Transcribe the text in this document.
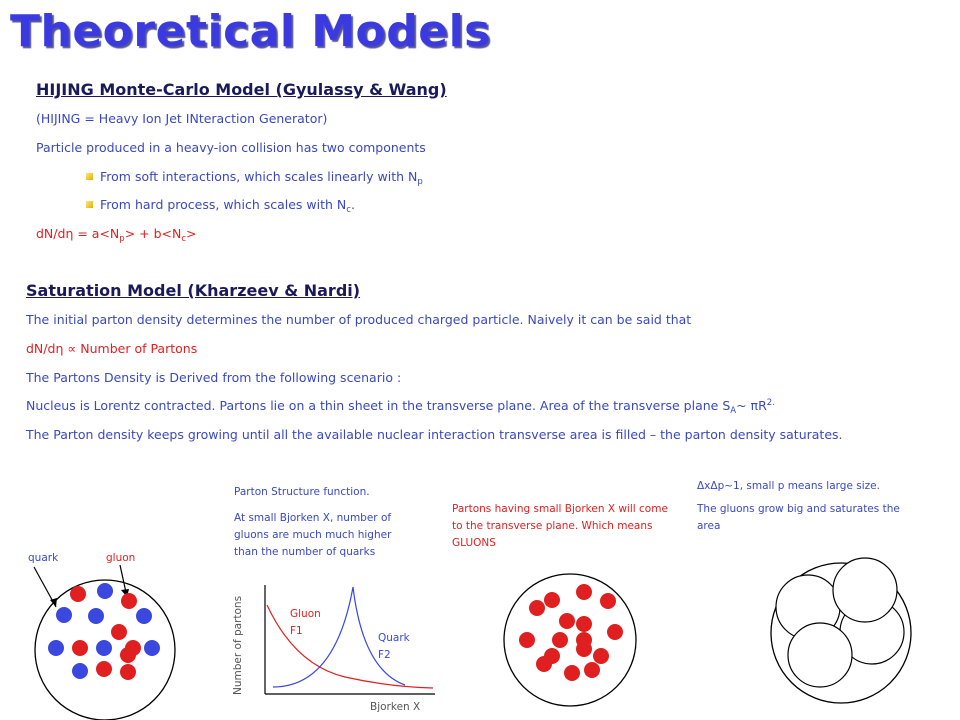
Theoretical Models
HIJING Monte-Carlo Model (Gyulassy & Wang)
(HIJING = Heavy Ion Jet INteraction Generator)
Particle produced in a heavy-ion collision has two components
From soft interactions, which scales linearly with $N_p$
From hard process, which scales with $N_c$.
$dN/d\eta = a<N_p> + b<N_c>$
Saturation Model (Kharzeev & Nardi)
The initial parton density determines the number of produced charged particle. Naively it can be said that
dN/dη ∝ Number of Partons
The Partons Density is Derived from the following scenario :
Nucleus is Lorentz contracted. Partons lie on a thin sheet in the transverse plane. Area of the transverse plane $S_A\sim$ $\pi R^{2.}$
The Parton density keeps growing until all the available nuclear interaction transverse area is filled – the parton density saturates.
quark	gluon
Parton Structure function.
At small Bjorken X, number of gluons are much much higher than the number of quarks
Number of partons	Gluon
F1
Quark
F2
Bjorken X
Partons having small Bjorken X will come to the transverse plane. Which means GLUONS
ΔxΔp~1, small p means large size.
The gluons grow big and saturates the area
